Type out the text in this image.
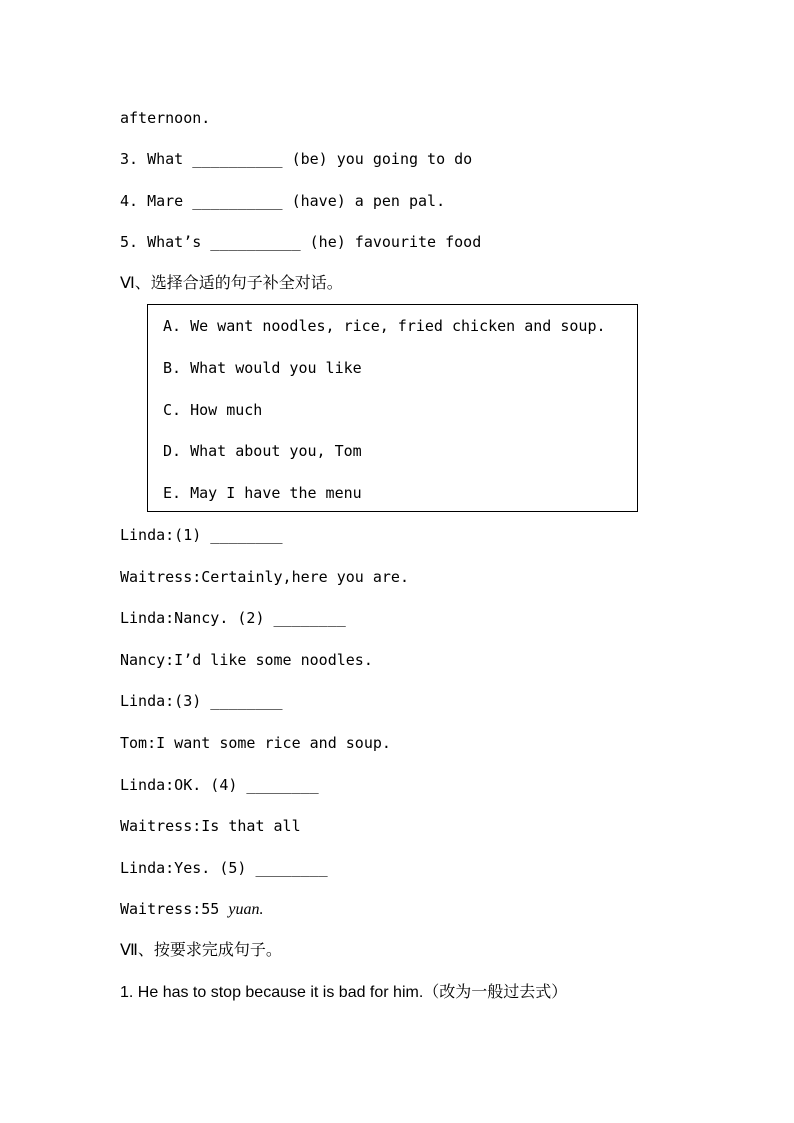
afternoon.
3. What __________ (be) you going to do
4. Mare __________ (have) a pen pal.
5. What’s __________ (he) favourite food
Ⅵ、选择合适的句子补全对话。
A. We want noodles, rice, fried chicken and soup.
B. What would you like
C. How much
D. What about you, Tom
E. May I have the menu
Linda:(1) ________
Waitress:Certainly,here you are.
Linda:Nancy. (2) ________
Nancy:I’d like some noodles.
Linda:(3) ________
Tom:I want some rice and soup.
Linda:OK. (4) ________
Waitress:Is that all
Linda:Yes. (5) ________
Waitress:55 yuan.
Ⅶ、按要求完成句子。
1. He has to stop because it is bad for him.（改为一般过去式）
